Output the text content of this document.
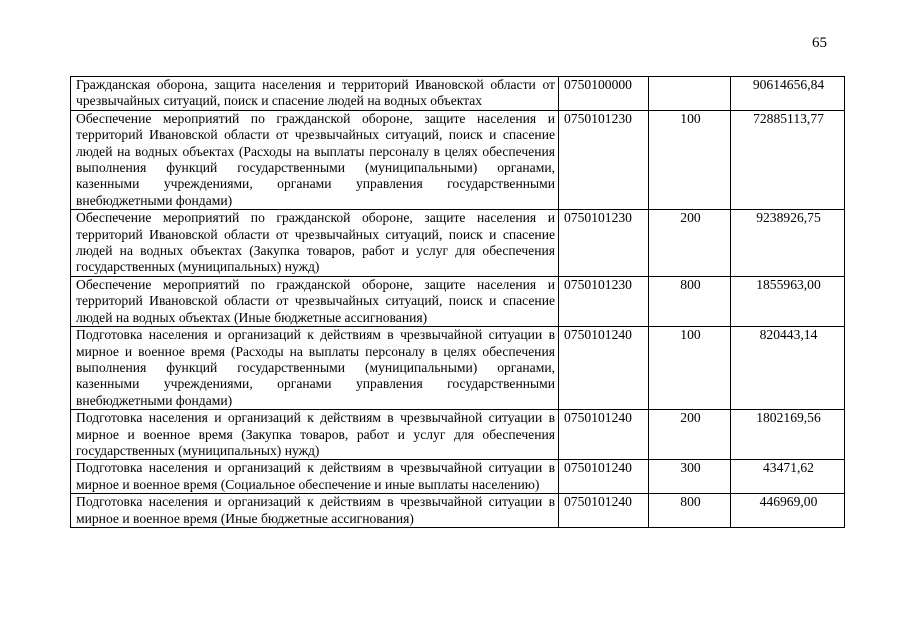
65
Гражданская оборона, защита населения и территорий Ивановской области от чрезвычайных ситуаций, поиск и спасение людей на водных объектах	0750100000		90614656,84
Обеспечение мероприятий по гражданской обороне, защите населения и территорий Ивановской области от чрезвычайных ситуаций, поиск и спасение людей на водных объектах (Расходы на выплаты персоналу в целях обеспечения выполнения функций государственными (муниципальными) органами, казенными учреждениями, органами управления государственными внебюджетными фондами)	0750101230	100	72885113,77
Обеспечение мероприятий по гражданской обороне, защите населения и территорий Ивановской области от чрезвычайных ситуаций, поиск и спасение людей на водных объектах (Закупка товаров, работ и услуг для обеспечения государственных (муниципальных) нужд)	0750101230	200	9238926,75
Обеспечение мероприятий по гражданской обороне, защите населения и территорий Ивановской области от чрезвычайных ситуаций, поиск и спасение людей на водных объектах (Иные бюджетные ассигнования)	0750101230	800	1855963,00
Подготовка населения и организаций к действиям в чрезвычайной ситуации в мирное и военное время (Расходы на выплаты персоналу в целях обеспечения выполнения функций государственными (муниципальными) органами, казенными учреждениями, органами управления государственными внебюджетными фондами)	0750101240	100	820443,14
Подготовка населения и организаций к действиям в чрезвычайной ситуации в мирное и военное время (Закупка товаров, работ и услуг для обеспечения государственных (муниципальных) нужд)	0750101240	200	1802169,56
Подготовка населения и организаций к действиям в чрезвычайной ситуации в мирное и военное время (Социальное обеспечение и иные выплаты населению)	0750101240	300	43471,62
Подготовка населения и организаций к действиям в чрезвычайной ситуации в мирное и военное время (Иные бюджетные ассигнования)	0750101240	800	446969,00
